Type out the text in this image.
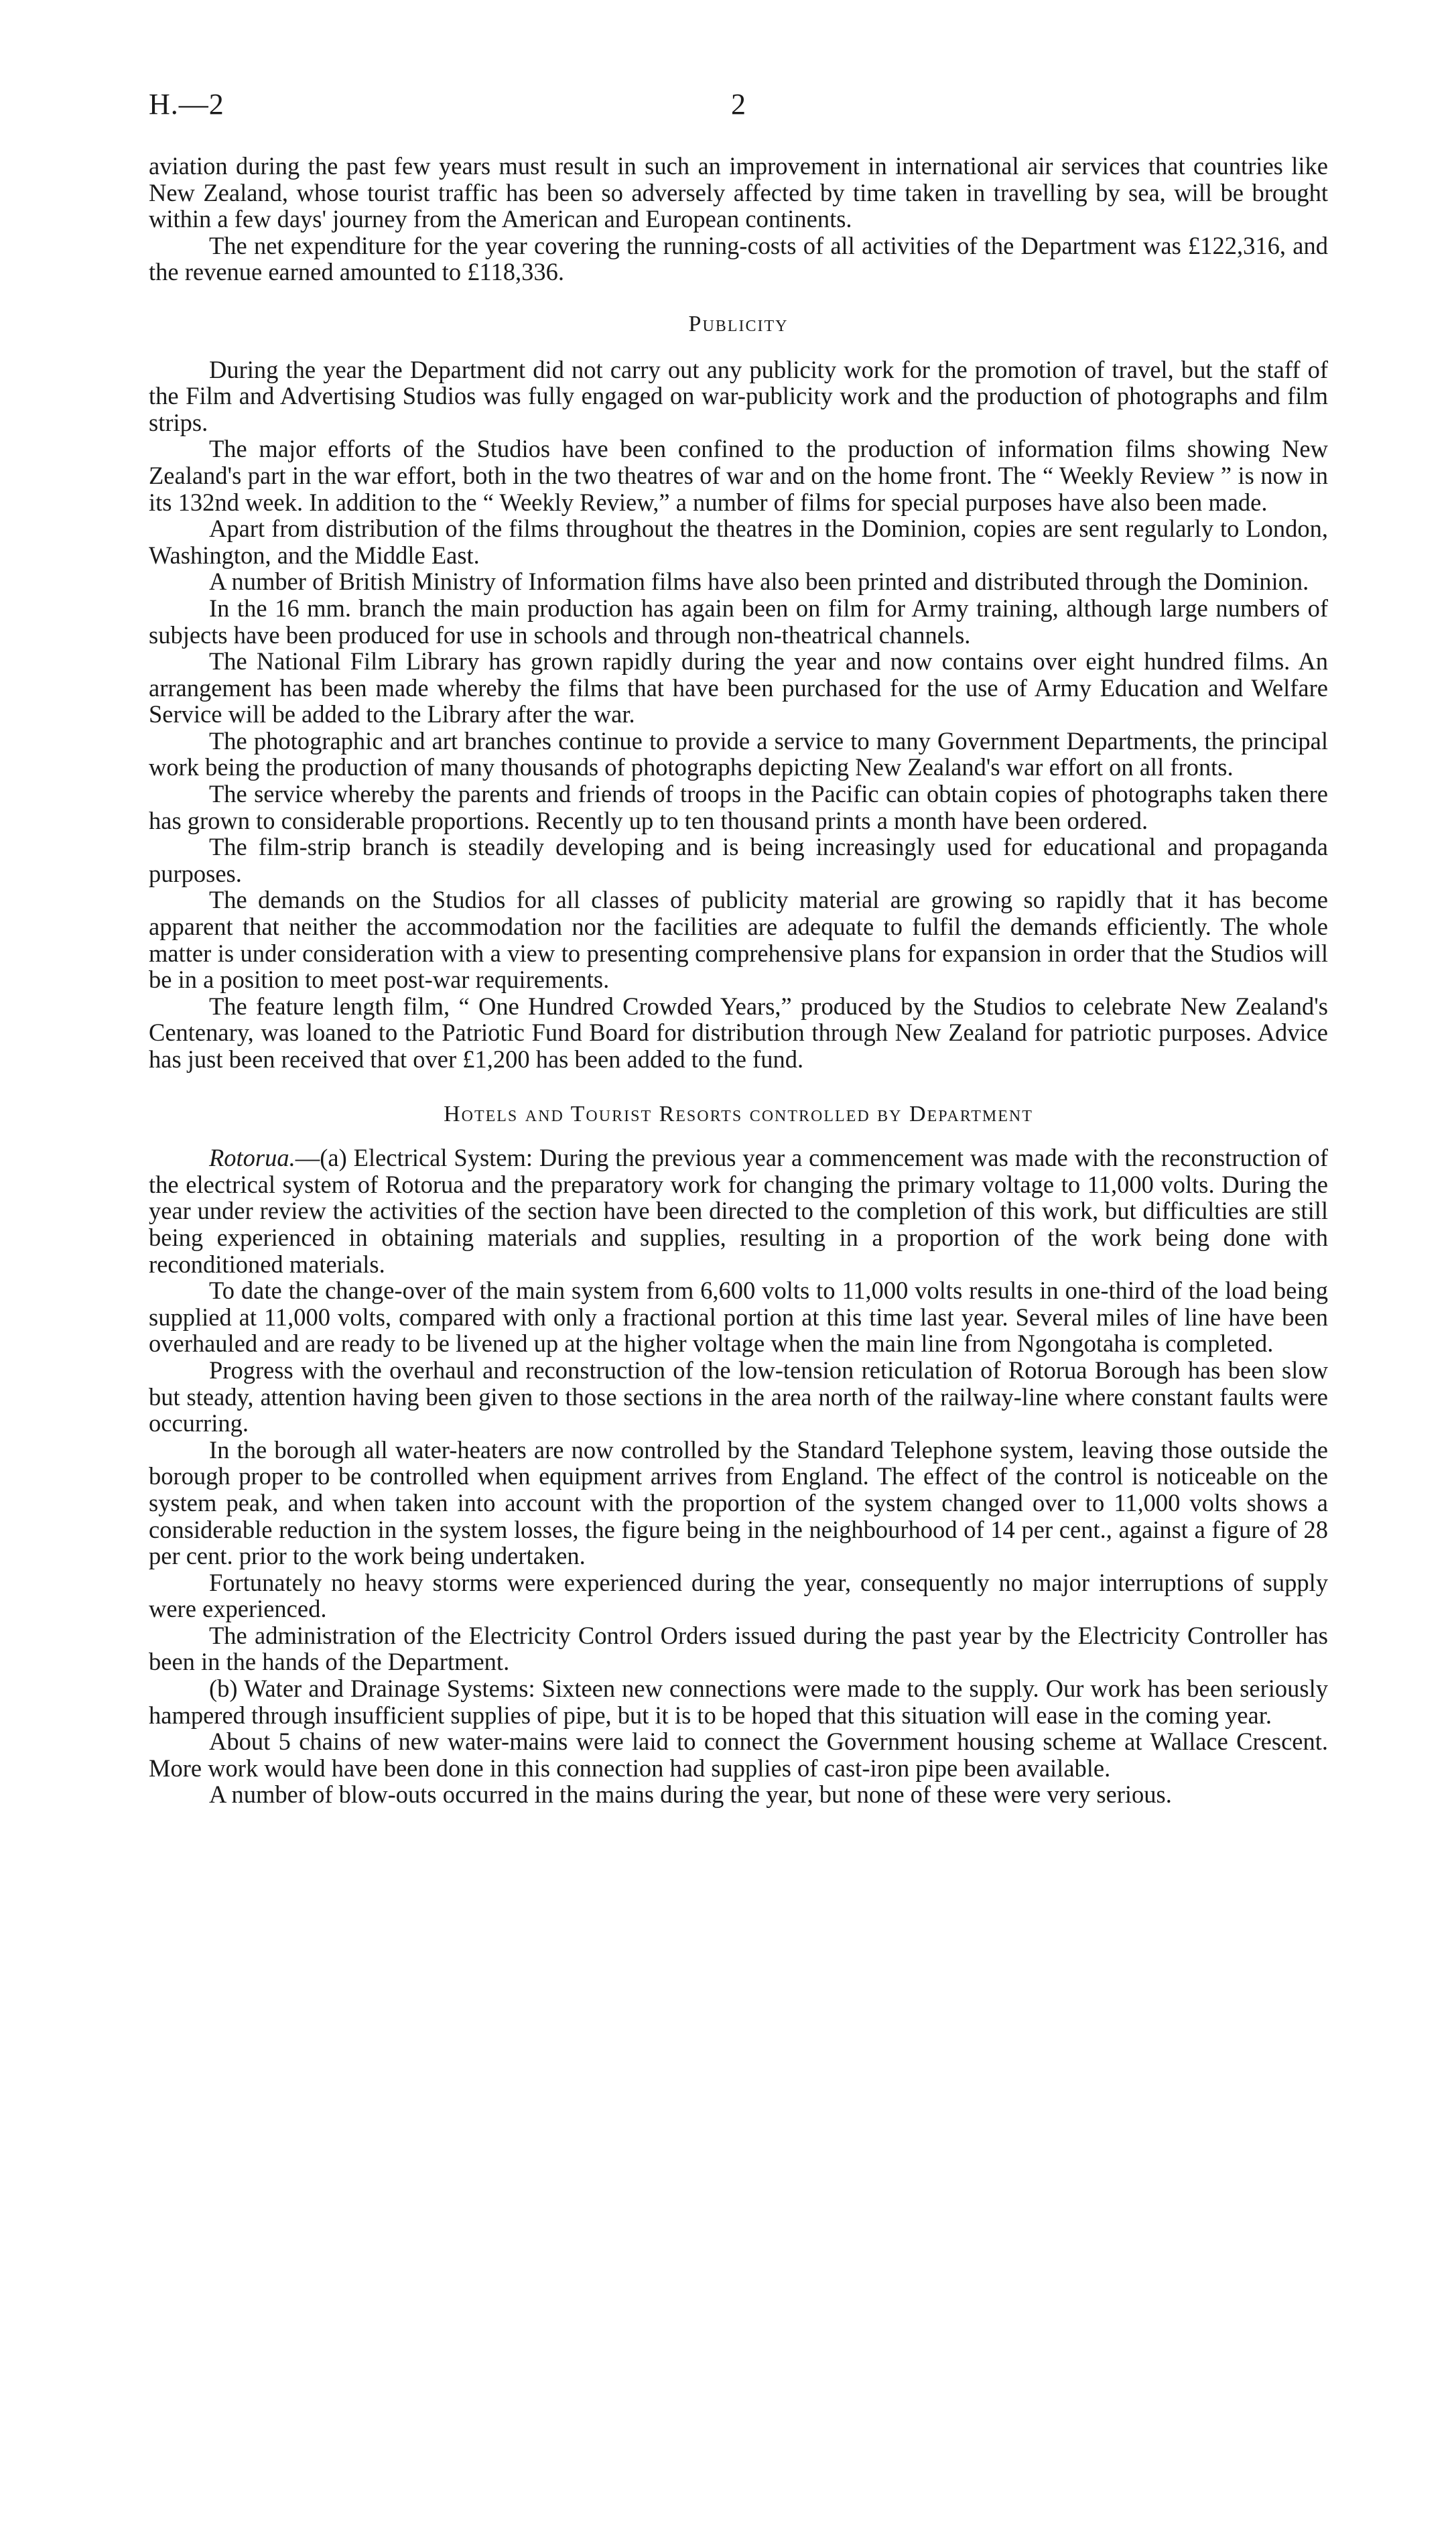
H.—2	2

aviation during the past few years must result in such an improvement in international air services that countries like New Zealand, whose tourist traffic has been so adversely affected by time taken in travelling by sea, will be brought within a few days' journey from the American and European continents.

The net expenditure for the year covering the running-costs of all activities of the Department was £122,316, and the revenue earned amounted to £118,336.

Publicity

During the year the Department did not carry out any publicity work for the promotion of travel, but the staff of the Film and Advertising Studios was fully engaged on war-publicity work and the production of photographs and film strips.

The major efforts of the Studios have been confined to the production of information films showing New Zealand's part in the war effort, both in the two theatres of war and on the home front. The “ Weekly Review ” is now in its 132nd week. In addition to the “ Weekly Review,” a number of films for special purposes have also been made.

Apart from distribution of the films throughout the theatres in the Dominion, copies are sent regularly to London, Washington, and the Middle East.

A number of British Ministry of Information films have also been printed and distributed through the Dominion.

In the 16 mm. branch the main production has again been on film for Army training, although large numbers of subjects have been produced for use in schools and through non-theatrical channels.

The National Film Library has grown rapidly during the year and now contains over eight hundred films. An arrangement has been made whereby the films that have been purchased for the use of Army Education and Welfare Service will be added to the Library after the war.

The photographic and art branches continue to provide a service to many Government Departments, the principal work being the production of many thousands of photographs depicting New Zealand's war effort on all fronts.

The service whereby the parents and friends of troops in the Pacific can obtain copies of photographs taken there has grown to considerable proportions. Recently up to ten thousand prints a month have been ordered.

The film-strip branch is steadily developing and is being increasingly used for educational and propaganda purposes.

The demands on the Studios for all classes of publicity material are growing so rapidly that it has become apparent that neither the accommodation nor the facilities are adequate to fulfil the demands efficiently. The whole matter is under consideration with a view to presenting comprehensive plans for expansion in order that the Studios will be in a position to meet post-war requirements.

The feature length film, “ One Hundred Crowded Years,” produced by the Studios to celebrate New Zealand's Centenary, was loaned to the Patriotic Fund Board for distribution through New Zealand for patriotic purposes. Advice has just been received that over £1,200 has been added to the fund.

Hotels and Tourist Resorts controlled by Department

Rotorua.—(a) Electrical System: During the previous year a commencement was made with the reconstruction of the electrical system of Rotorua and the preparatory work for changing the primary voltage to 11,000 volts. During the year under review the activities of the section have been directed to the completion of this work, but difficulties are still being experienced in obtaining materials and supplies, resulting in a proportion of the work being done with reconditioned materials.

To date the change-over of the main system from 6,600 volts to 11,000 volts results in one-third of the load being supplied at 11,000 volts, compared with only a fractional portion at this time last year. Several miles of line have been overhauled and are ready to be livened up at the higher voltage when the main line from Ngongotaha is completed.

Progress with the overhaul and reconstruction of the low-tension reticulation of Rotorua Borough has been slow but steady, attention having been given to those sections in the area north of the railway-line where constant faults were occurring.

In the borough all water-heaters are now controlled by the Standard Telephone system, leaving those outside the borough proper to be controlled when equipment arrives from England. The effect of the control is noticeable on the system peak, and when taken into account with the proportion of the system changed over to 11,000 volts shows a considerable reduction in the system losses, the figure being in the neighbourhood of 14 per cent., against a figure of 28 per cent. prior to the work being undertaken.

Fortunately no heavy storms were experienced during the year, consequently no major interruptions of supply were experienced.

The administration of the Electricity Control Orders issued during the past year by the Electricity Controller has been in the hands of the Department.

(b) Water and Drainage Systems: Sixteen new connections were made to the supply. Our work has been seriously hampered through insufficient supplies of pipe, but it is to be hoped that this situation will ease in the coming year.

About 5 chains of new water-mains were laid to connect the Government housing scheme at Wallace Crescent. More work would have been done in this connection had supplies of cast-iron pipe been available.

A number of blow-outs occurred in the mains during the year, but none of these were very serious.
